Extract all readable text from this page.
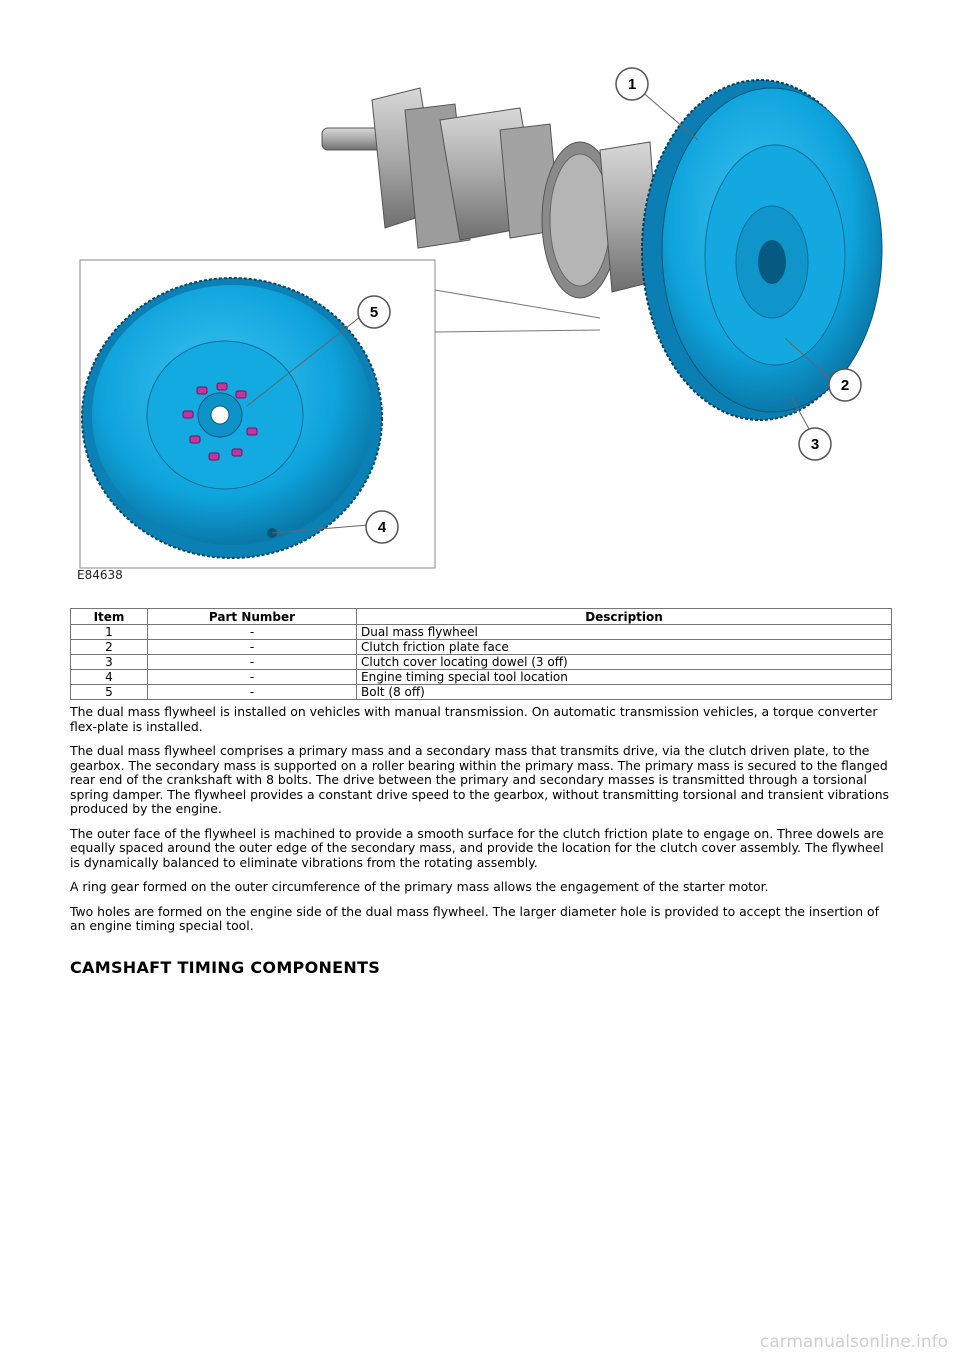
1
2
3
4
5
E84638
Item	Part Number	Description
1	-	Dual mass flywheel
2	-	Clutch friction plate face
3	-	Clutch cover locating dowel (3 off)
4	-	Engine timing special tool location
5	-	Bolt (8 off)

The dual mass flywheel is installed on vehicles with manual transmission. On automatic transmission vehicles, a torque converter flex-plate is installed.

The dual mass flywheel comprises a primary mass and a secondary mass that transmits drive, via the clutch driven plate, to the gearbox. The secondary mass is supported on a roller bearing within the primary mass. The primary mass is secured to the flanged rear end of the crankshaft with 8 bolts. The drive between the primary and secondary masses is transmitted through a torsional spring damper. The flywheel provides a constant drive speed to the gearbox, without transmitting torsional and transient vibrations produced by the engine.

The outer face of the flywheel is machined to provide a smooth surface for the clutch friction plate to engage on. Three dowels are equally spaced around the outer edge of the secondary mass, and provide the location for the clutch cover assembly. The flywheel is dynamically balanced to eliminate vibrations from the rotating assembly.

A ring gear formed on the outer circumference of the primary mass allows the engagement of the starter motor.

Two holes are formed on the engine side of the dual mass flywheel. The larger diameter hole is provided to accept the insertion of an engine timing special tool.

CAMSHAFT TIMING COMPONENTS
carmanualsonline.info
